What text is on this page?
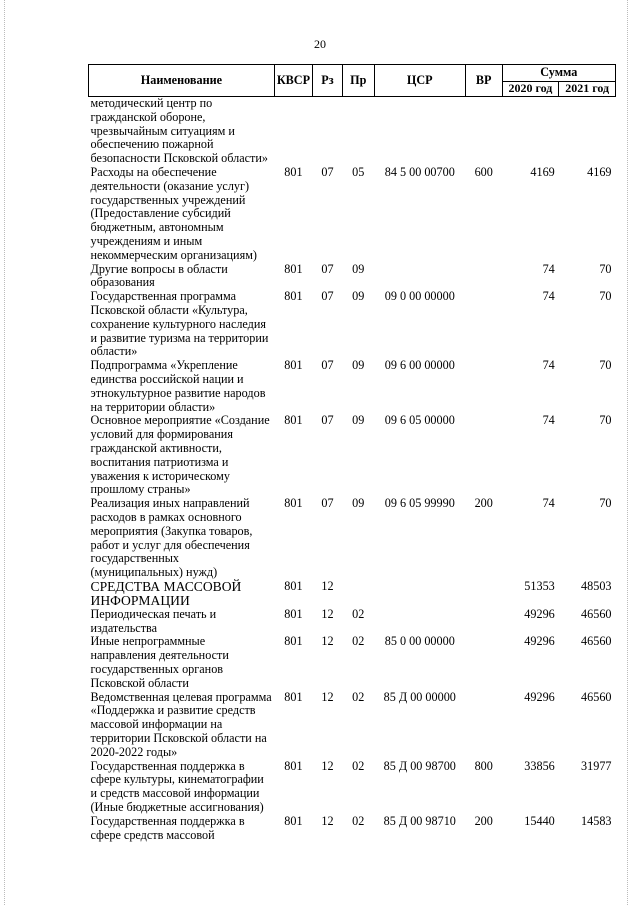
20
Наименование	КВСР	Рз	Пр	ЦСР	ВР	Сумма	
						2020 год	2021 год
методический центр по гражданской обороне, чрезвычайным ситуациям и обеспечению пожарной безопасности Псковской области»							
Расходы на обеспечение деятельности (оказание услуг) государственных учреждений (Предоставление субсидий бюджетным, автономным учреждениям и иным некоммерческим организациям)	801	07	05	84 5 00 00700	600	4169	4169
Другие вопросы в области образования	801	07	09			74	70
Государственная программа Псковской области «Культура, сохранение культурного наследия и развитие туризма на территории области»	801	07	09	09 0 00 00000		74	70
Подпрограмма «Укрепление единства российской нации и этнокультурное развитие народов на территории области»	801	07	09	09 6 00 00000		74	70
Основное мероприятие «Создание условий для формирования гражданской активности, воспитания патриотизма и уважения к историческому прошлому страны»	801	07	09	09 6 05 00000		74	70
Реализация иных направлений расходов в рамках основного мероприятия (Закупка товаров, работ и услуг для обеспечения государственных (муниципальных) нужд)	801	07	09	09 6 05 99990	200	74	70
СРЕДСТВА МАССОВОЙ ИНФОРМАЦИИ	801	12				51353	48503
Периодическая печать и издательства	801	12	02			49296	46560
Иные непрограммные направления деятельности государственных органов Псковской области	801	12	02	85 0 00 00000		49296	46560
Ведомственная целевая программа «Поддержка и развитие средств массовой информации на территории Псковской области на 2020-2022 годы»	801	12	02	85 Д 00 00000		49296	46560
Государственная поддержка в сфере культуры, кинематографии и средств массовой информации (Иные бюджетные ассигнования)	801	12	02	85 Д 00 98700	800	33856	31977
Государственная поддержка в сфере средств массовой	801	12	02	85 Д 00 98710	200	15440	14583
